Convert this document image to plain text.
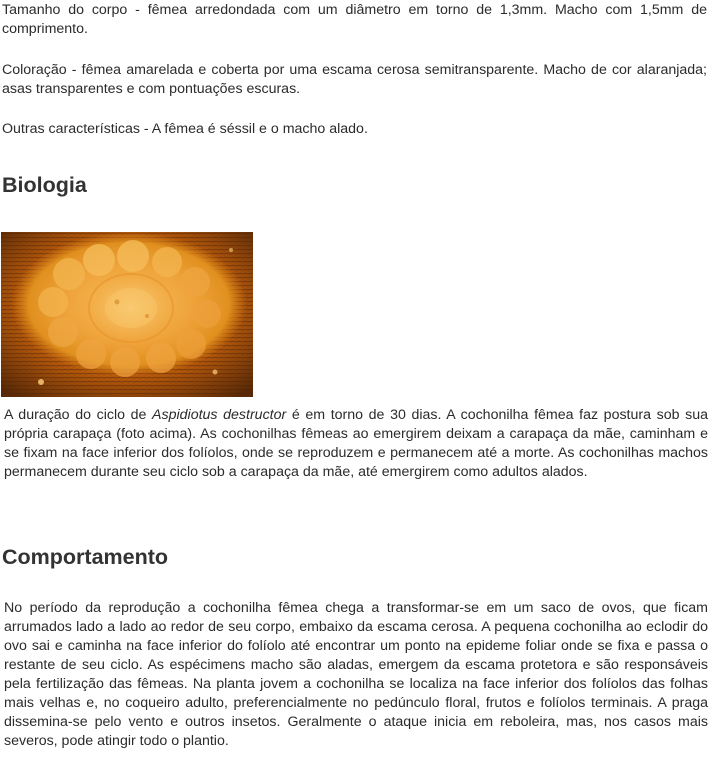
Tamanho do corpo - fêmea arredondada com um diâmetro em torno de 1,3mm. Macho com 1,5mm de comprimento.

Coloração - fêmea amarelada e coberta por uma escama cerosa semitransparente. Macho de cor alaranjada; asas transparentes e com pontuações escuras.

Outras características - A fêmea é séssil e o macho alado.

Biologia

A duração do ciclo de Aspidiotus destructor é em torno de 30 dias. A cochonilha fêmea faz postura sob sua própria carapaça (foto acima). As cochonilhas fêmeas ao emergirem deixam a carapaça da mãe, caminham e se fixam na face inferior dos folíolos, onde se reproduzem e permanecem até a morte. As cochonilhas machos permanecem durante seu ciclo sob a carapaça da mãe, até emergirem como adultos alados.

Comportamento

No período da reprodução a cochonilha fêmea chega a transformar-se em um saco de ovos, que ficam arrumados lado a lado ao redor de seu corpo, embaixo da escama cerosa. A pequena cochonilha ao eclodir do ovo sai e caminha na face inferior do folíolo até encontrar um ponto na epideme foliar onde se fixa e passa o restante de seu ciclo. As espécimens macho são aladas, emergem da escama protetora e são responsáveis pela fertilização das fêmeas. Na planta jovem a cochonilha se localiza na face inferior dos folíolos das folhas mais velhas e, no coqueiro adulto, preferencialmente no pedúnculo floral, frutos e folíolos terminais. A praga dissemina-se pelo vento e outros insetos. Geralmente o ataque inicia em reboleira, mas, nos casos mais severos, pode atingir todo o plantio.
